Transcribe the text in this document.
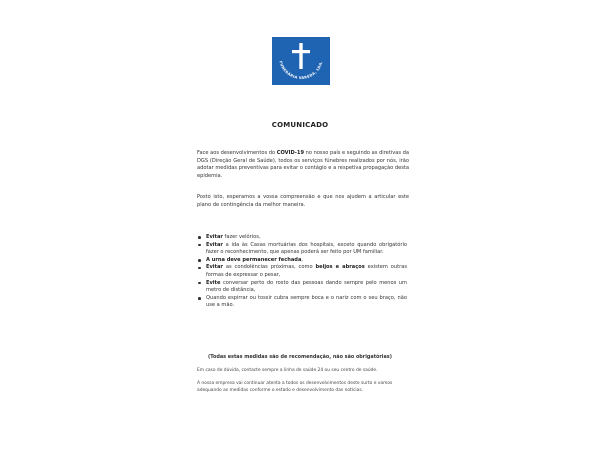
FUNERÁRIA VAREDA, LDA.
COMUNICADO
Face aos desenvolvimentos do COVID-19 no nosso país e seguindo as diretivas da DGS (Direção Geral de Saúde), todos os serviços fúnebres realizados por nós, irão adotar medidas preventivas para evitar o contágio e a respetiva propagação desta epidemia.
Posto isto, esperamos a vossa compreensão e que nos ajudem a articular este plano de contingência da melhor maneira.
Evitar fazer velórios,
Evitar a ida às Casas mortuárias dos hospitais, exceto quando obrigatório fazer o reconhecimento, que apenas poderá ser feito por UM familiar.
A urna deve permanecer fechada,
Evitar as condolências próximas, como beijos e abraços existem outras formas de expressar o pesar,
Evite conversar perto do rosto das pessoas dando sempre pelo menos um metro de distância,
Quando espirrar ou tossir cubra sempre boca e o nariz com o seu braço, não use a mão.
(Todas estas medidas são de recomendação, não são obrigatórias)
Em caso de dúvida, contacte sempre a linha de saúde 24 ou seu centro de saúde.
A nossa empresa vai continuar atenta a todos os desenvolvimentos deste surto e vamos adequando as medidas conforme o estado e desenvolvimento das notícias.
